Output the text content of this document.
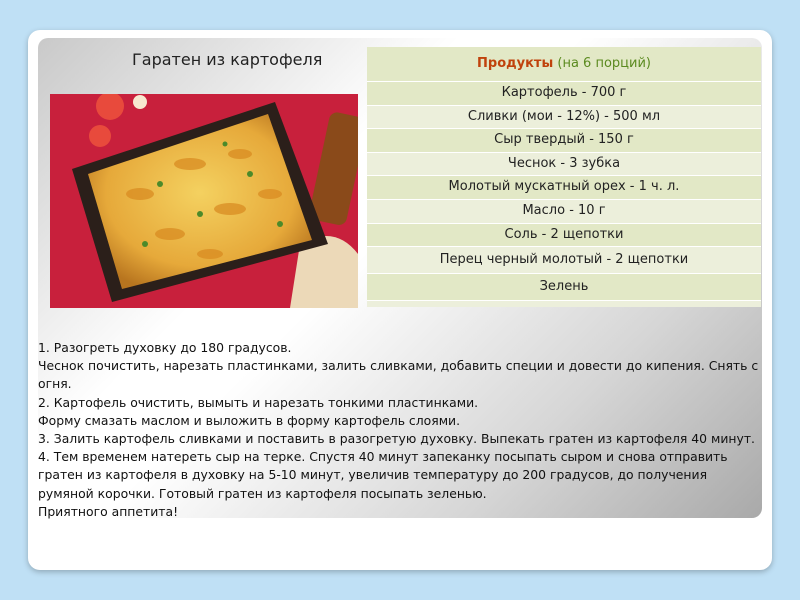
Гаратен из картофеля	Продукты (на 6 порций)
Картофель - 700 г
Сливки (мои - 12%) - 500 мл
Сыр твердый - 150 г
Чеснок - 3 зубка
Молотый мускатный орех - 1 ч. л.
Масло - 10 г
Соль - 2 щепотки
Перец черный молотый - 2 щепотки
Зелень

1. Разогреть духовку до 180 градусов.

Чеснок почистить, нарезать пластинками, залить сливками, добавить специи и довести до кипения. Снять с огня.

2. Картофель очистить, вымыть и нарезать тонкими пластинками.

Форму смазать маслом и выложить в форму картофель слоями.

3. Залить картофель сливками и поставить в разогретую духовку. Выпекать гратен из картофеля 40 минут.

4. Тем временем натереть сыр на терке. Спустя 40 минут запеканку посыпать сыром и снова отправить гратен из картофеля в духовку на 5-10 минут, увеличив температуру до 200 градусов, до получения румяной корочки. Готовый гратен из картофеля посыпать зеленью.

Приятного аппетита!
